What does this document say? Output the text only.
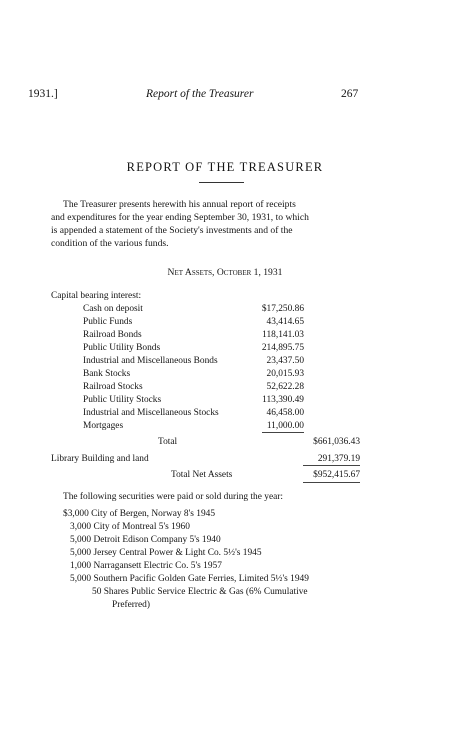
1931.]	Report of the Treasurer	267
REPORT OF THE TREASURER
The Treasurer presents herewith his annual report of receipts
and expenditures for the year ending September 30, 1931, to which
is appended a statement of the Society's investments and of the
condition of the various funds.
Net Assets, October 1, 1931
Capital bearing interest:
Cash on deposit	$17,250.86
Public Funds	43,414.65
Railroad Bonds	118,141.03
Public Utility Bonds	214,895.75
Industrial and Miscellaneous Bonds	23,437.50
Bank Stocks	20,015.93
Railroad Stocks	52,622.28
Public Utility Stocks	113,390.49
Industrial and Miscellaneous Stocks	46,458.00
Mortgages	11,000.00
Total	$661,036.43
Library Building and land	291,379.19
Total Net Assets	$952,415.67
The following securities were paid or sold during the year:
$3,000 City of Bergen, Norway 8's 1945
3,000 City of Montreal 5's 1960
5,000 Detroit Edison Company 5's 1940
5,000 Jersey Central Power & Light Co. 5½'s 1945
1,000 Narragansett Electric Co. 5's 1957
5,000 Southern Pacific Golden Gate Ferries, Limited 5½'s 1949
50 Shares Public Service Electric & Gas (6% Cumulative
Preferred)
